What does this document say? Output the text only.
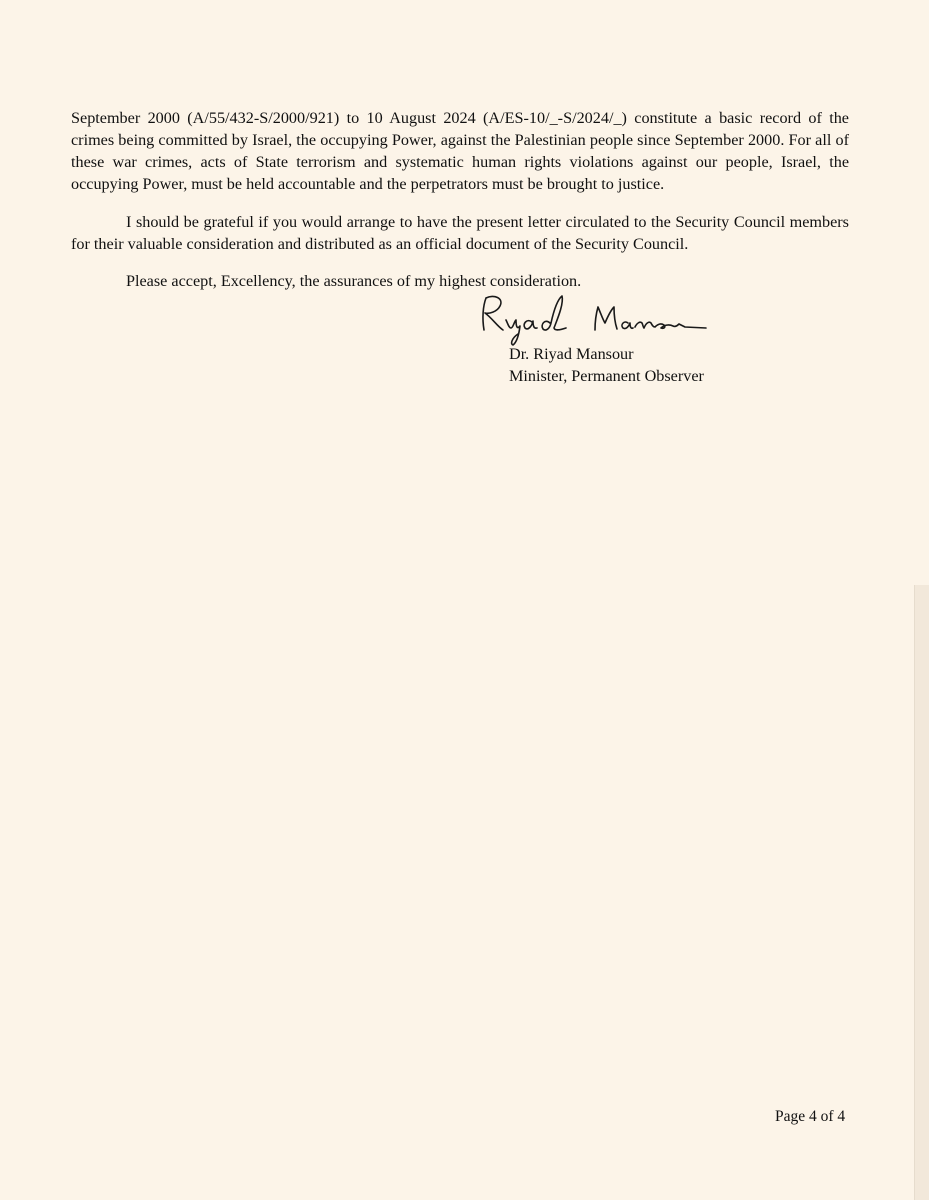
September 2000 (A/55/432-S/2000/921) to 10 August 2024 (A/ES-10/_-S/2024/_) constitute a basic record of the crimes being committed by Israel, the occupying Power, against the Palestinian people since September 2000. For all of these war crimes, acts of State terrorism and systematic human rights violations against our people, Israel, the occupying Power, must be held accountable and the perpetrators must be brought to justice.

I should be grateful if you would arrange to have the present letter circulated to the Security Council members for their valuable consideration and distributed as an official document of the Security Council.

Please accept, Excellency, the assurances of my highest consideration.

Dr. Riyad Mansour

Minister, Permanent Observer

Page 4 of 4
